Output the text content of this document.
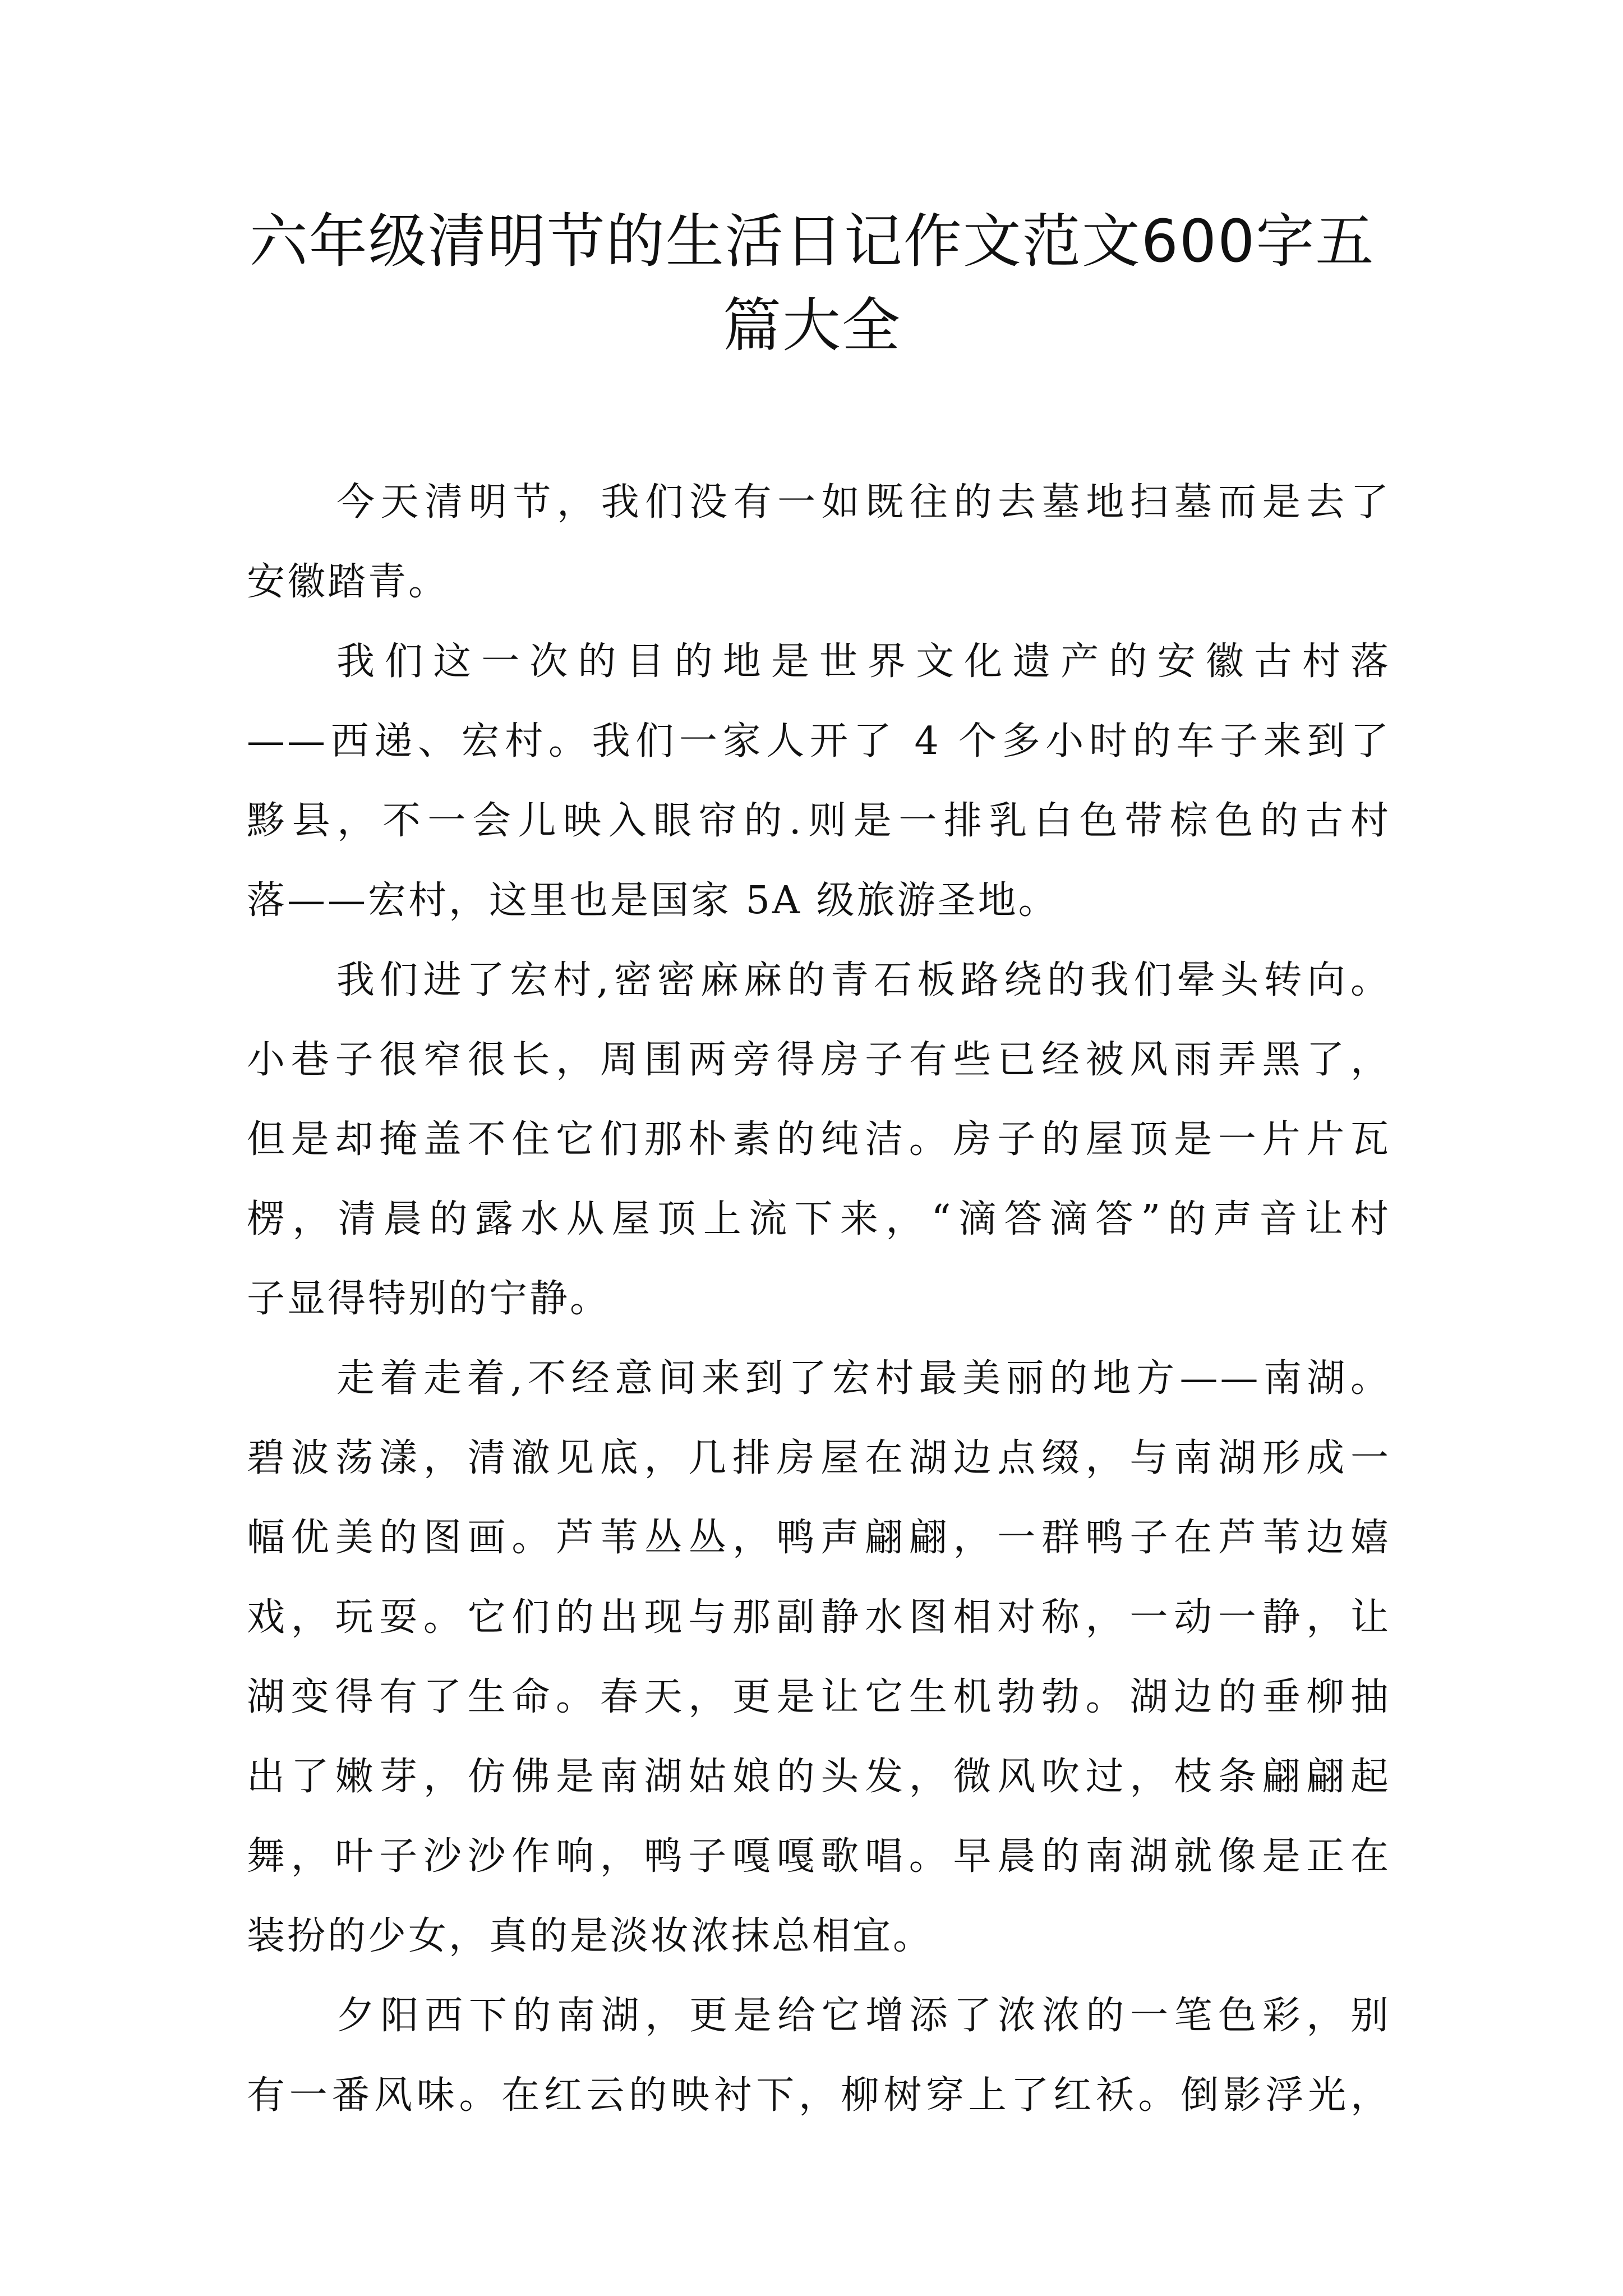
六年级清明节的生活日记作文范文600字五
篇大全
今天清明节，我们没有一如既往的去墓地扫墓而是去了
安徽踏青。
我们这一次的目的地是世界文化遗产的安徽古村落
——西递、宏村。我们一家人开了 4 个多小时的车子来到了
黟县，不一会儿映入眼帘的.则是一排乳白色带棕色的古村
落——宏村，这里也是国家 5A 级旅游圣地。
我们进了宏村,密密麻麻的青石板路绕的我们晕头转向。
小巷子很窄很长，周围两旁得房子有些已经被风雨弄黑了，
但是却掩盖不住它们那朴素的纯洁。房子的屋顶是一片片瓦
楞，清晨的露水从屋顶上流下来，“滴答滴答”的声音让村
子显得特别的宁静。
走着走着,不经意间来到了宏村最美丽的地方——南湖。
碧波荡漾，清澈见底，几排房屋在湖边点缀，与南湖形成一
幅优美的图画。芦苇丛丛，鸭声翩翩，一群鸭子在芦苇边嬉
戏，玩耍。它们的出现与那副静水图相对称，一动一静，让
湖变得有了生命。春天，更是让它生机勃勃。湖边的垂柳抽
出了嫩芽，仿佛是南湖姑娘的头发，微风吹过，枝条翩翩起
舞，叶子沙沙作响，鸭子嘎嘎歌唱。早晨的南湖就像是正在
装扮的少女，真的是淡妆浓抹总相宜。
夕阳西下的南湖，更是给它增添了浓浓的一笔色彩，别
有一番风味。在红云的映衬下，柳树穿上了红袄。倒影浮光，
